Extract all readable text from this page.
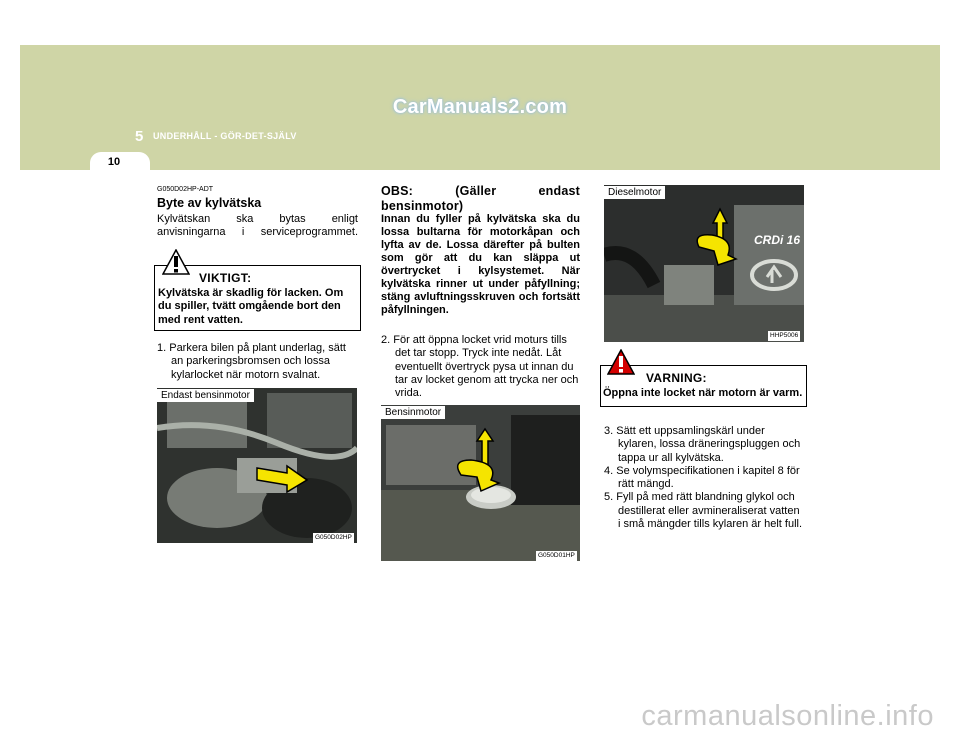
CarManuals2.com
5 UNDERHÅLL - GÖR-DET-SJÄLV
10
G050D02HP-ADT
Byte av kylvätska
Kylvätskan ska bytas enligt anvisningarna i serviceprogrammet.
VIKTIGT:
Kylvätska är skadlig för lacken. Om du spiller, tvätt omgående bort den med rent vatten.
1. Parkera bilen på plant underlag, sätt an parkeringsbromsen och lossa kylarlocket när motorn svalnat.
Endast bensinmotor
G050D02HP
OBS: (Gäller endast bensinmotor)
Innan du fyller på kylvätska ska du lossa bultarna för motorkåpan och lyfta av de. Lossa därefter på bulten som gör att du kan släppa ut övertrycket i kylsystemet. När kylvätska rinner ut under påfyllning; stäng avluftningsskruven och fortsätt påfyllningen.
2. För att öppna locket vrid moturs tills det tar stopp. Tryck inte nedåt. Låt eventuellt övertryck pysa ut innan du tar av locket genom att trycka ner och vrida.
Bensinmotor
G050D01HP
Dieselmotor
CRDi 16
HHP5006
VARNING:
Öppna inte locket när motorn är varm.
3. Sätt ett uppsamlingskärl under kylaren, lossa dräneringspluggen och tappa ur all kylvätska.
4. Se volymspecifikationen i kapitel 8 för rätt mängd.
5. Fyll på med rätt blandning glykol och destillerat eller avmineraliserat vatten i små mängder tills kylaren är helt full.
carmanualsonline.info
